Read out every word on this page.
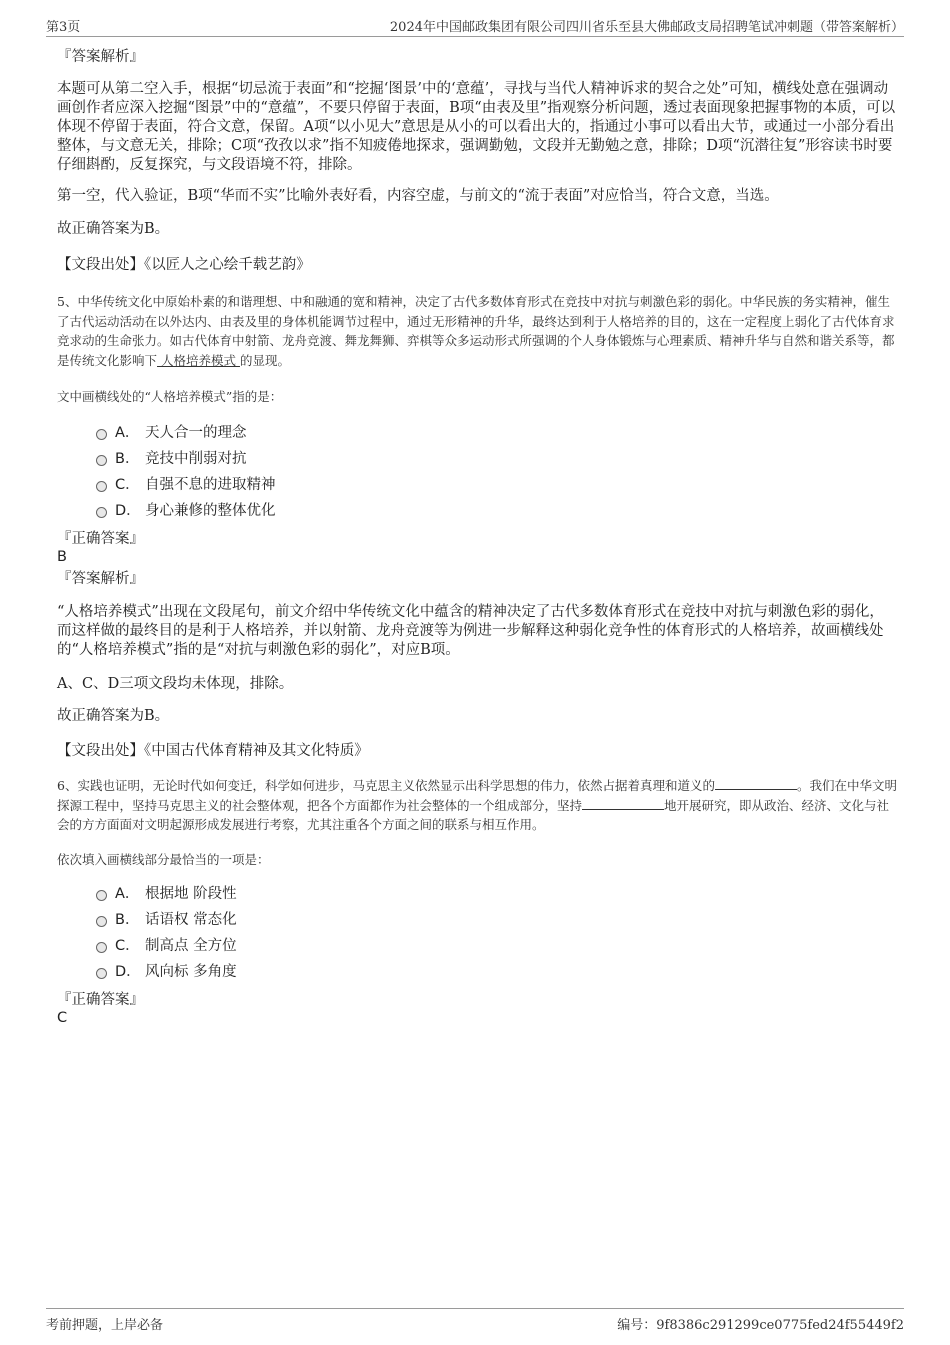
第3页	2024年中国邮政集团有限公司四川省乐至县大佛邮政支局招聘笔试冲刺题（带答案解析）
『答案解析』
本题可从第二空入手，根据“切忌流于表面”和“挖掘‘图景’中的‘意蕴’，寻找与当代人精神诉求的契合之处”可知，横线处意在强调动画创作者应深入挖掘“图景”中的“意蕴”，不要只停留于表面，B项“由表及里”指观察分析问题，透过表面现象把握事物的本质，可以体现不停留于表面，符合文意，保留。A项“以小见大”意思是从小的可以看出大的，指通过小事可以看出大节，或通过一小部分看出整体，与文意无关，排除；C项“孜孜以求”指不知疲倦地探求，强调勤勉，文段并无勤勉之意，排除；D项“沉潜往复”形容读书时要仔细斟酌，反复探究，与文段语境不符，排除。
第一空，代入验证，B项“华而不实”比喻外表好看，内容空虚，与前文的“流于表面”对应恰当，符合文意，当选。
故正确答案为B。
【文段出处】《以匠人之心绘千载艺韵》
5、中华传统文化中原始朴素的和谐理想、中和融通的宽和精神，决定了古代多数体育形式在竞技中对抗与刺激色彩的弱化。中华民族的务实精神，催生了古代运动活动在以外达内、由表及里的身体机能调节过程中，通过无形精神的升华，最终达到利于人格培养的目的，这在一定程度上弱化了古代体育求竞求动的生命张力。如古代体育中射箭、龙舟竞渡、舞龙舞狮、弈棋等众多运动形式所强调的个人身体锻炼与心理素质、精神升华与自然和谐关系等，都是传统文化影响下 人格培养模式 的显现。
文中画横线处的“人格培养模式”指的是：
A． 天人合一的理念
B． 竞技中削弱对抗
C． 自强不息的进取精神
D． 身心兼修的整体优化
『正确答案』
B
『答案解析』
“人格培养模式”出现在文段尾句，前文介绍中华传统文化中蕴含的精神决定了古代多数体育形式在竞技中对抗与刺激色彩的弱化，而这样做的最终目的是利于人格培养，并以射箭、龙舟竞渡等为例进一步解释这种弱化竞争性的体育形式的人格培养，故画横线处的“人格培养模式”指的是“对抗与刺激色彩的弱化”，对应B项。
A、C、D三项文段均未体现，排除。
故正确答案为B。
【文段出处】《中国古代体育精神及其文化特质》
6、实践也证明，无论时代如何变迁，科学如何进步，马克思主义依然显示出科学思想的伟力，依然占据着真理和道义的	。我们在中华文明探源工程中，坚持马克思主义的社会整体观，把各个方面都作为社会整体的一个组成部分，坚持	地开展研究，即从政治、经济、文化与社会的方方面面对文明起源形成发展进行考察，尤其注重各个方面之间的联系与相互作用。
依次填入画横线部分最恰当的一项是：
A． 根据地 阶段性
B． 话语权 常态化
C． 制高点 全方位
D． 风向标 多角度
『正确答案』
C
考前押题，上岸必备	编号：9f8386c291299ce0775fed24f55449f2
